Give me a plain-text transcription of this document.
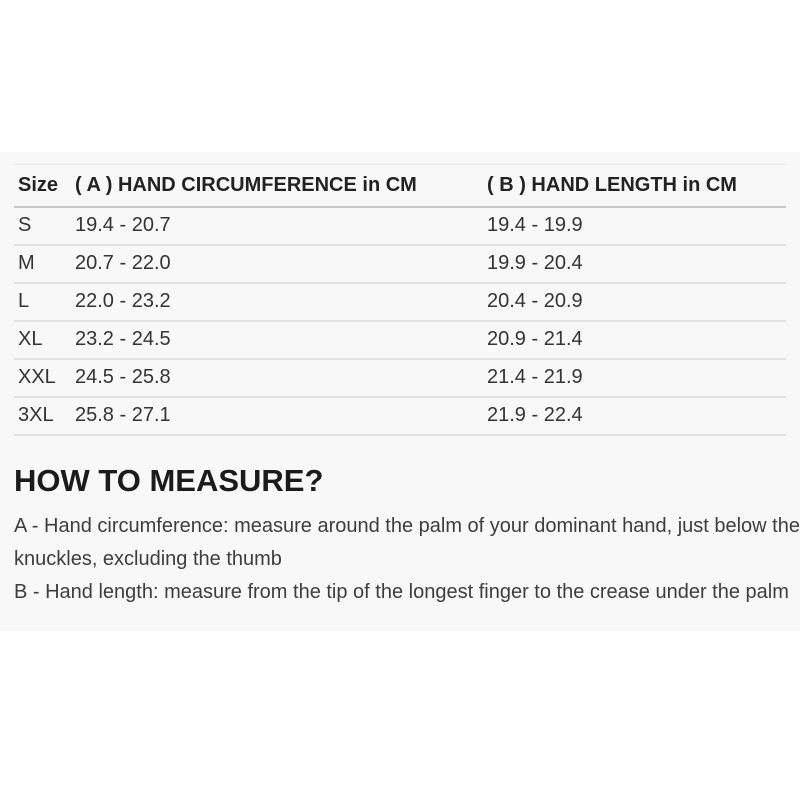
Size	( A ) HAND CIRCUMFERENCE in CM	( B ) HAND LENGTH in CM
S	19.4 - 20.7	19.4 - 19.9
M	20.7 - 22.0	19.9 - 20.4
L	22.0 - 23.2	20.4 - 20.9
XL	23.2 - 24.5	20.9 - 21.4
XXL	24.5 - 25.8	21.4 - 21.9
3XL	25.8 - 27.1	21.9 - 22.4
HOW TO MEASURE?
A - Hand circumference: measure around the palm of your dominant hand, just below the
knuckles, excluding the thumb
B - Hand length: measure from the tip of the longest finger to the crease under the palm
